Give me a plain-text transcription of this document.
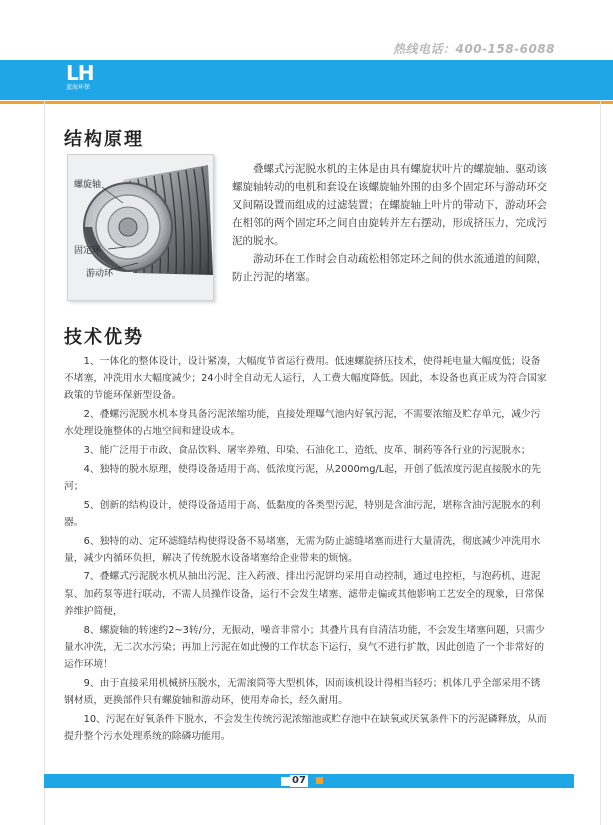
热线电话：400-158-6088
LH
蓝海环保
结构原理
螺旋轴
固定环
游动环

叠螺式污泥脱水机的主体是由具有螺旋状叶片的螺旋轴、驱动该螺旋轴转动的电机和套设在该螺旋轴外围的由多个固定环与游动环交叉间隔设置而组成的过滤装置；在螺旋轴上叶片的带动下，游动环会在相邻的两个固定环之间自由旋转并左右摆动，形成挤压力，完成污泥的脱水。

游动环在工作时会自动疏松相邻定环之间的供水流通道的间隙，防止污泥的堵塞。

技术优势

1、一体化的整体设计，设计紧凑，大幅度节省运行费用。低速螺旋挤压技术，使得耗电量大幅度低；设备不堵塞，冲洗用水大幅度减少；24小时全自动无人运行，人工费大幅度降低。因此，本设备也真正成为符合国家政策的节能环保新型设备。

2、叠螺污泥脱水机本身具备污泥浓缩功能，直接处理曝气池内好氧污泥，不需要浓缩及贮存单元，减少污水处理设施整体的占地空间和建设成本。

3、能广泛用于市政、食品饮料、屠宰养殖、印染、石油化工、造纸、皮革、制药等各行业的污泥脱水；

4、独特的脱水原理，使得设备适用于高、低浓度污泥，从2000mg/L起，开创了低浓度污泥直接脱水的先河；

5、创新的结构设计，使得设备适用于高、低黏度的各类型污泥，特别是含油污泥，堪称含油污泥脱水的利器。

6、独特的动、定环滤缝结构使得设备不易堵塞，无需为防止滤缝堵塞而进行大量清洗，彻底减少冲洗用水量，减少内循环负担，解决了传统脱水设备堵塞给企业带来的烦恼。

7、叠螺式污泥脱水机从抽出污泥、注入药液、排出污泥饼均采用自动控制，通过电控柜，与泡药机、进泥泵、加药泵等进行联动，不需人员操作设备，运行不会发生堵塞、滤带走偏或其他影响工艺安全的现象，日常保养维护简便，

8、螺旋轴的转速约2~3转/分，无振动，噪音非常小；其叠片具有自清洁功能，不会发生堵塞问题，只需少量水冲洗，无二次水污染；再加上污泥在如此慢的工作状态下运行，臭气不进行扩散，因此创造了一个非常好的运作环境！

9、由于直接采用机械挤压脱水，无需滚筒等大型机体，因而该机设计得相当轻巧；机体几乎全部采用不锈钢材质，更换部件只有螺旋轴和游动环，使用寿命长，经久耐用。

10、污泥在好氧条件下脱水，不会发生传统污泥浓缩池或贮存池中在缺氧或厌氧条件下的污泥磷释放，从而提升整个污水处理系统的除磷功能用。

07
